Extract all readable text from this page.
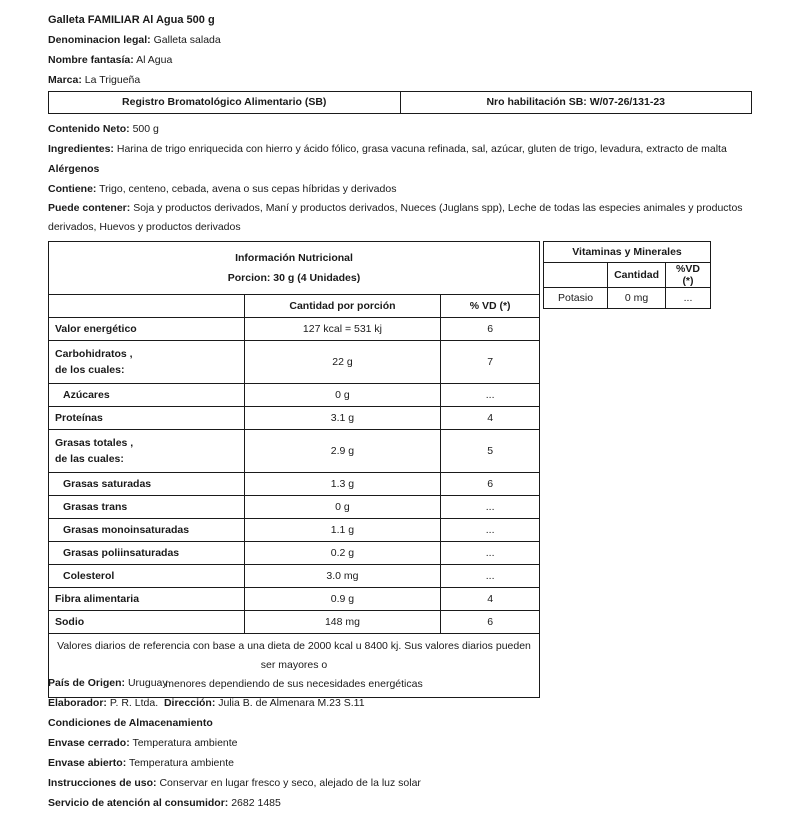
Galleta FAMILIAR Al Agua 500 g
Denominacion legal: Galleta salada
Nombre fantasía: Al Agua
Marca: La Trigueña
Registro Bromatológico Alimentario (SB)	Nro habilitación SB: W/07-26/131-23
Contenido Neto: 500 g
Ingredientes: Harina de trigo enriquecida con hierro y ácido fólico, grasa vacuna refinada, sal, azúcar, gluten de trigo, levadura, extracto de malta
Alérgenos
Contiene: Trigo, centeno, cebada, avena o sus cepas híbridas y derivados
Puede contener: Soja y productos derivados, Maní y productos derivados, Nueces (Juglans spp), Leche de todas las especies animales y productos derivados, Huevos y productos derivados
Información Nutricional
Porcion: 30 g (4 Unidades)		

	Cantidad por porción	% VD (*)

Valor energético	127 kcal = 531 kj	6

Carbohidratos ,
de los cuales:	22 g	7

Azúcares	0 g	...

Proteínas	3.1 g	4

Grasas totales ,
de las cuales:	2.9 g	5

Grasas saturadas	1.3 g	6

Grasas trans	0 g	...

Grasas monoinsaturadas	1.1 g	...

Grasas poliinsaturadas	0.2 g	...

Colesterol	3.0 mg	...

Fibra alimentaria	0.9 g	4

Sodio	148 mg	6

Valores diarios de referencia con base a una dieta de 2000 kcal u 8400 kj. Sus valores diarios pueden ser mayores o
menores dependiendo de sus necesidades energéticas		
Vitaminas y Minerales		
	Cantidad	%VD (*)
Potasio	0 mg	...
País de Origen: Uruguay
Elaborador: P. R. Ltda. Dirección: Julia B. de Almenara M.23 S.11
Condiciones de Almacenamiento
Envase cerrado: Temperatura ambiente
Envase abierto: Temperatura ambiente
Instrucciones de uso: Conservar en lugar fresco y seco, alejado de la luz solar
Servicio de atención al consumidor: 2682 1485
